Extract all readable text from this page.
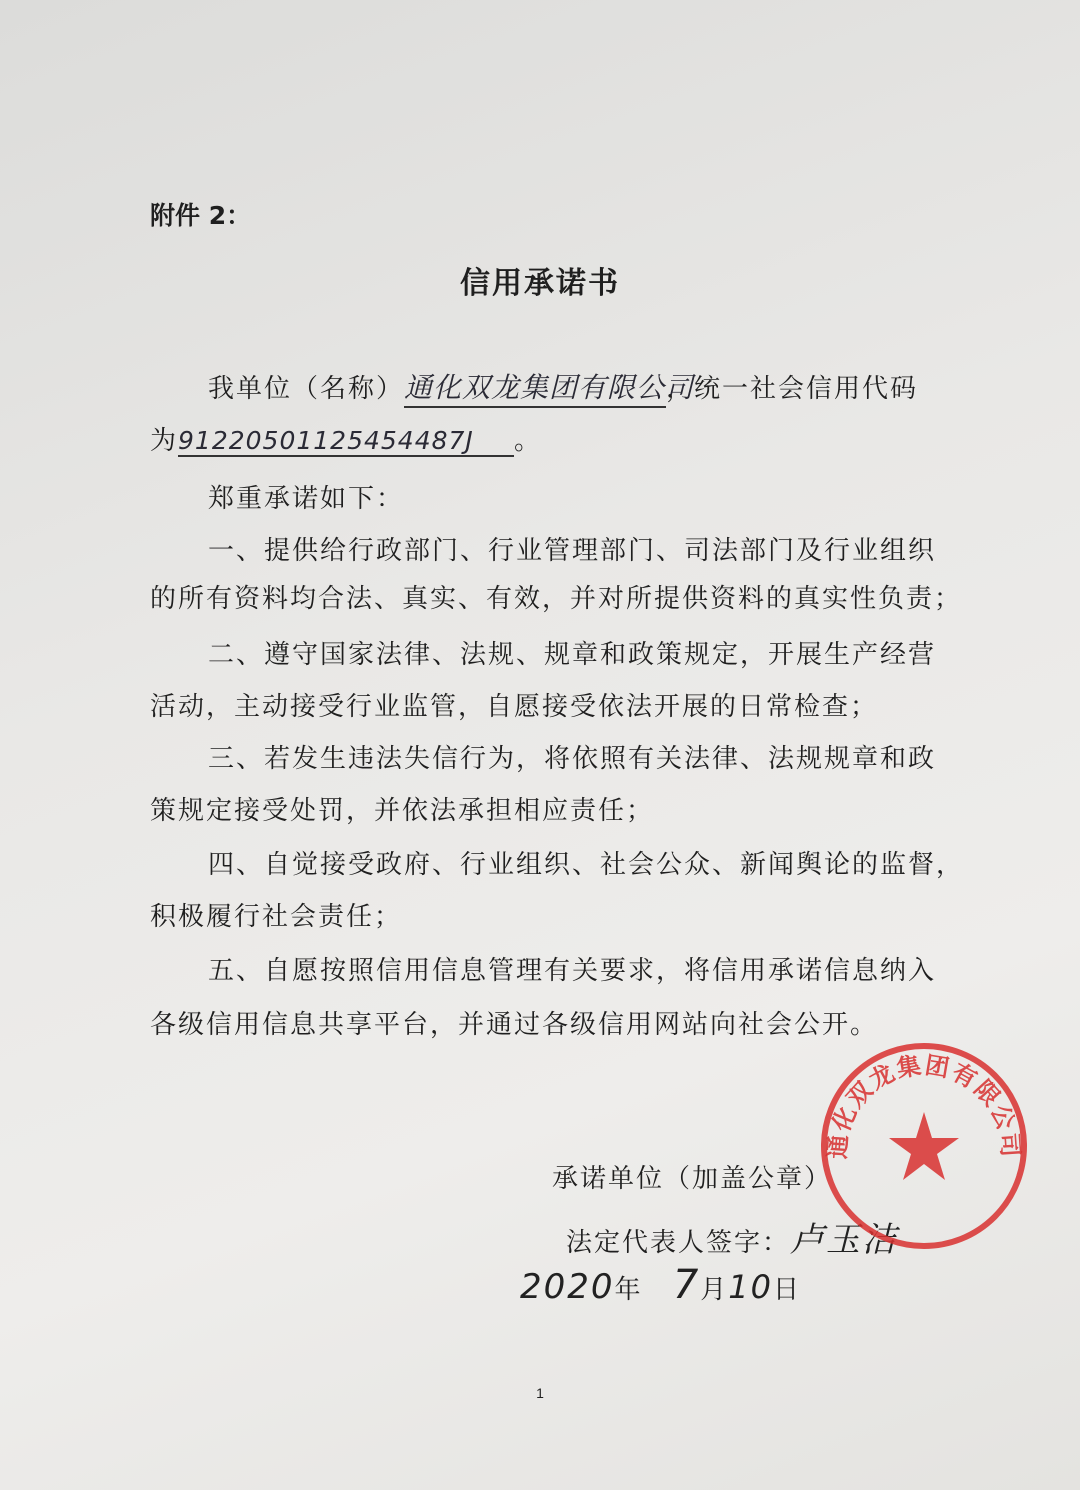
附件 2：
信用承诺书
我单位（名称）通化双龙集团有限公司，统一社会信用代码
为91220501125454487J 。
郑重承诺如下：
一、提供给行政部门、行业管理部门、司法部门及行业组织
的所有资料均合法、真实、有效，并对所提供资料的真实性负责；
二、遵守国家法律、法规、规章和政策规定，开展生产经营
活动，主动接受行业监管，自愿接受依法开展的日常检查；
三、若发生违法失信行为，将依照有关法律、法规规章和政
策规定接受处罚，并依法承担相应责任；
四、自觉接受政府、行业组织、社会公众、新闻舆论的监督，
积极履行社会责任；
五、自愿按照信用信息管理有关要求，将信用承诺信息纳入
各级信用信息共享平台，并通过各级信用网站向社会公开。
承诺单位（加盖公章）
法定代表人签字：卢玉洁
2020年 7月10日
通化双龙集团有限公司
1
